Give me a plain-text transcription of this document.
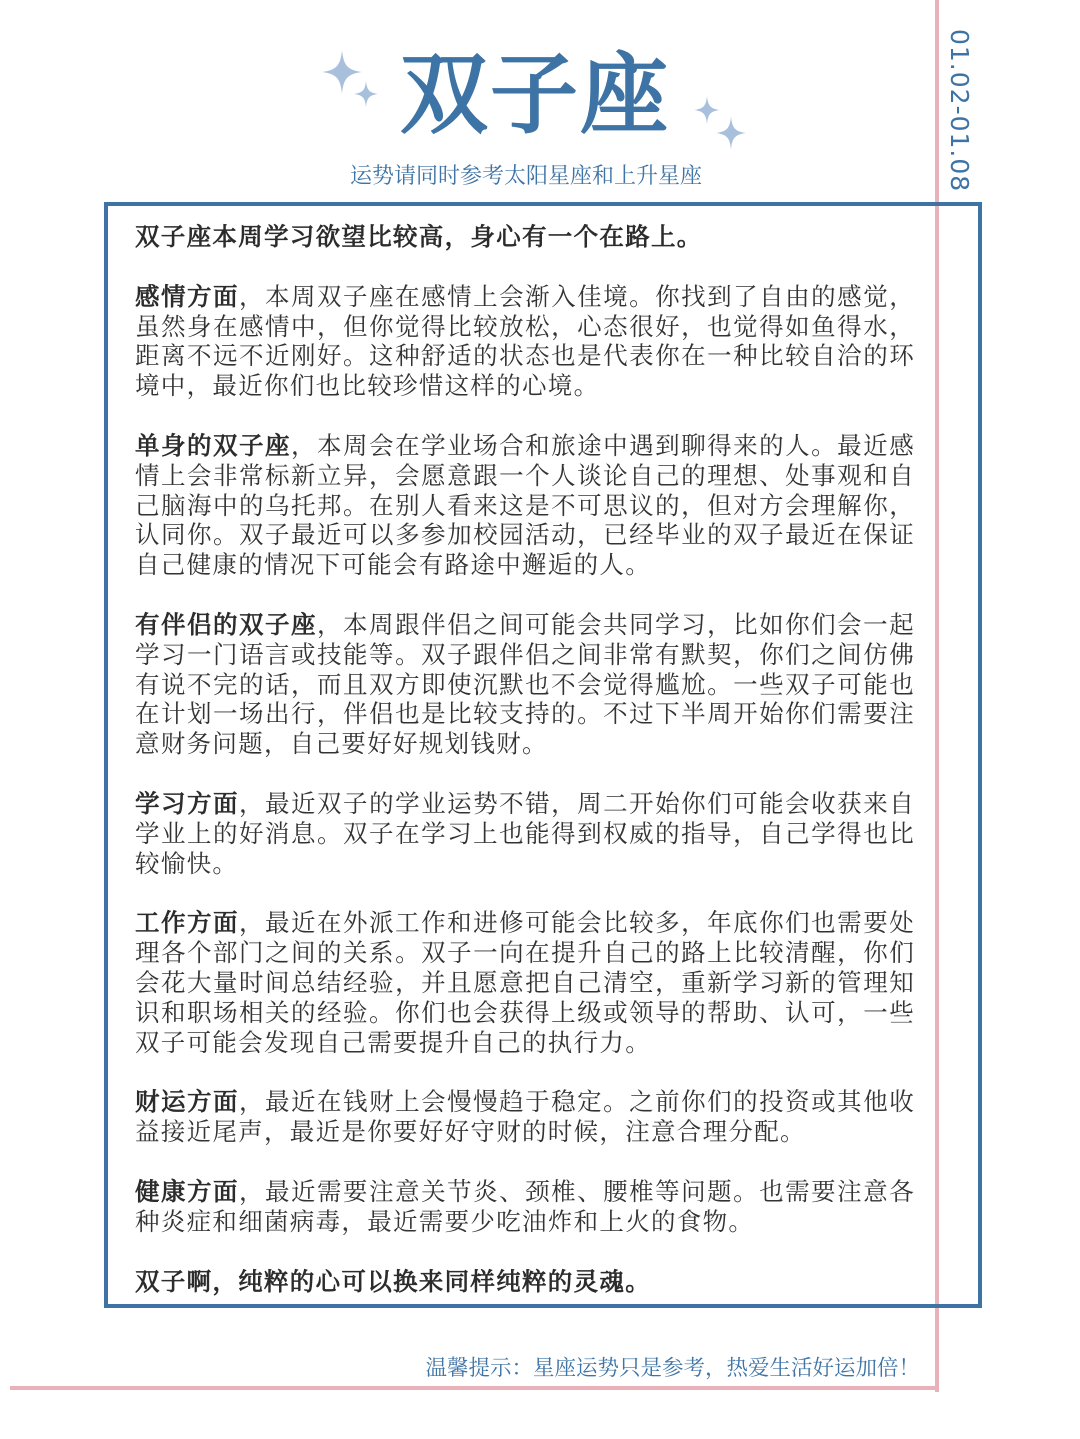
双子座
运势请同时参考太阳星座和上升星座	01.02-01.08

双子座本周学习欲望比较高，身心有一个在路上。

感情方面，本周双子座在感情上会渐入佳境。你找到了自由的感觉，虽然身在感情中，但你觉得比较放松，心态很好，也觉得如鱼得水，距离不远不近刚好。这种舒适的状态也是代表你在一种比较自洽的环境中，最近你们也比较珍惜这样的心境。

单身的双子座，本周会在学业场合和旅途中遇到聊得来的人。最近感情上会非常标新立异，会愿意跟一个人谈论自己的理想、处事观和自己脑海中的乌托邦。在别人看来这是不可思议的，但对方会理解你，认同你。双子最近可以多参加校园活动，已经毕业的双子最近在保证自己健康的情况下可能会有路途中邂逅的人。

有伴侣的双子座，本周跟伴侣之间可能会共同学习，比如你们会一起学习一门语言或技能等。双子跟伴侣之间非常有默契，你们之间仿佛有说不完的话，而且双方即使沉默也不会觉得尴尬。一些双子可能也在计划一场出行，伴侣也是比较支持的。不过下半周开始你们需要注意财务问题，自己要好好规划钱财。

学习方面，最近双子的学业运势不错，周二开始你们可能会收获来自学业上的好消息。双子在学习上也能得到权威的指导，自己学得也比较愉快。

工作方面，最近在外派工作和进修可能会比较多，年底你们也需要处理各个部门之间的关系。双子一向在提升自己的路上比较清醒，你们会花大量时间总结经验，并且愿意把自己清空，重新学习新的管理知识和职场相关的经验。你们也会获得上级或领导的帮助、认可，一些双子可能会发现自己需要提升自己的执行力。

财运方面，最近在钱财上会慢慢趋于稳定。之前你们的投资或其他收益接近尾声，最近是你要好好守财的时候，注意合理分配。

健康方面，最近需要注意关节炎、颈椎、腰椎等问题。也需要注意各种炎症和细菌病毒，最近需要少吃油炸和上火的食物。

双子啊，纯粹的心可以换来同样纯粹的灵魂。

温馨提示：星座运势只是参考，热爱生活好运加倍！
